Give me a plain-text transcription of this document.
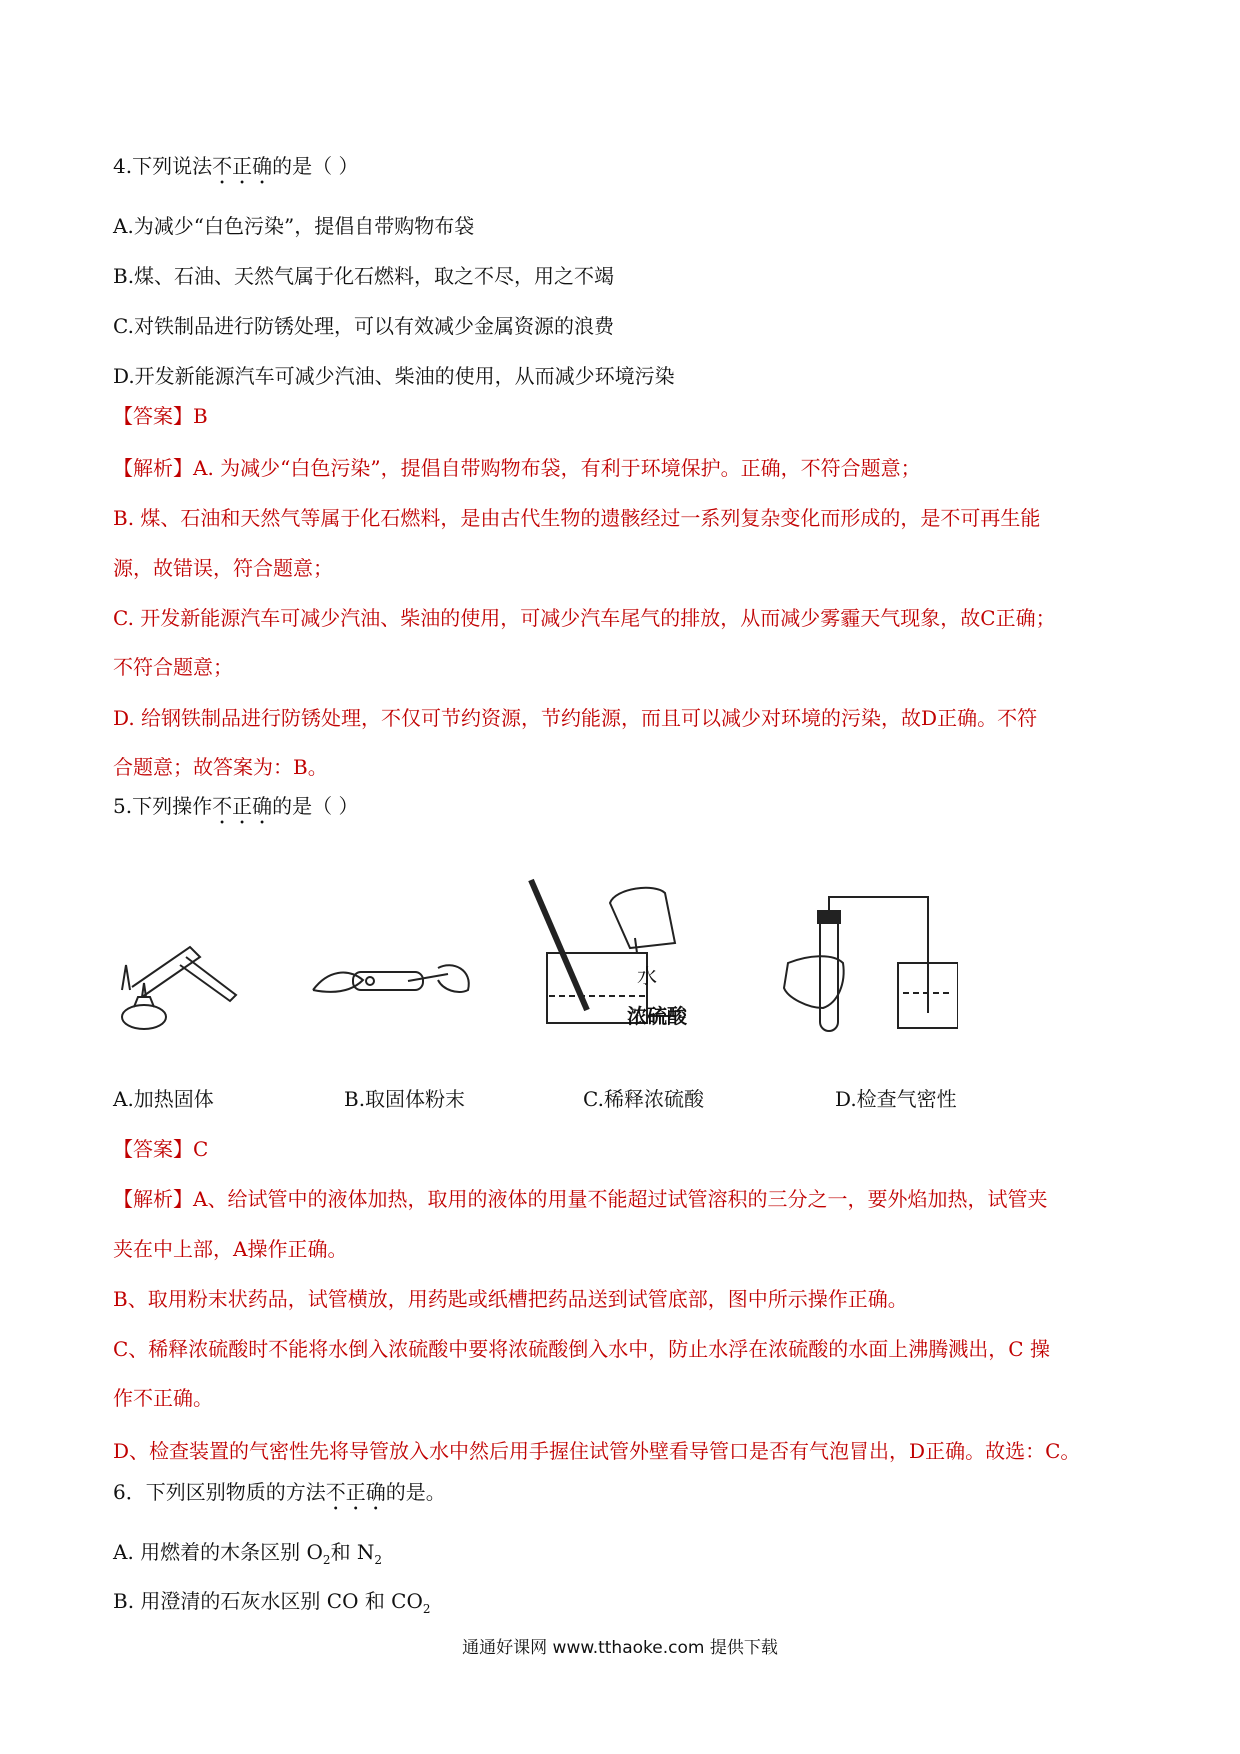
4.下列说法不正确的是（ ）
A.为减少“白色污染”，提倡自带购物布袋
B.煤、石油、天然气属于化石燃料，取之不尽，用之不竭
C.对铁制品进行防锈处理，可以有效减少金属资源的浪费
D.开发新能源汽车可减少汽油、柴油的使用，从而减少环境污染
【答案】B
【解析】A. 为减少“白色污染”，提倡自带购物布袋，有利于环境保护。正确，不符合题意；
B. 煤、石油和天然气等属于化石燃料，是由古代生物的遗骸经过一系列复杂变化而形成的，是不可再生能
源，故错误，符合题意；
C. 开发新能源汽车可减少汽油、柴油的使用，可减少汽车尾气的排放，从而减少雾霾天气现象，故C正确；
不符合题意；
D. 给钢铁制品进行防锈处理，不仅可节约资源，节约能源，而且可以减少对环境的污染，故D正确。不符
合题意；故答案为：B。
5.下列操作不正确的是（ ）
水
浓硫酸
A.加热固体	B.取固体粉末	C.稀释浓硫酸	D.检查气密性
【答案】C
【解析】A、给试管中的液体加热，取用的液体的用量不能超过试管溶积的三分之一，要外焰加热，试管夹
夹在中上部，A操作正确。
B、取用粉末状药品，试管横放，用药匙或纸槽把药品送到试管底部，图中所示操作正确。
C、稀释浓硫酸时不能将水倒入浓硫酸中要将浓硫酸倒入水中，防止水浮在浓硫酸的水面上沸腾溅出，C 操
作不正确。
D、检查装置的气密性先将导管放入水中然后用手握住试管外壁看导管口是否有气泡冒出，D正确。故选：C。
6．下列区别物质的方法不正确的是。
A. 用燃着的木条区别 $O_2$和 $N_2$
B. 用澄清的石灰水区别 CO 和 $CO_2$
通通好课网 www.tthaoke.com 提供下载
